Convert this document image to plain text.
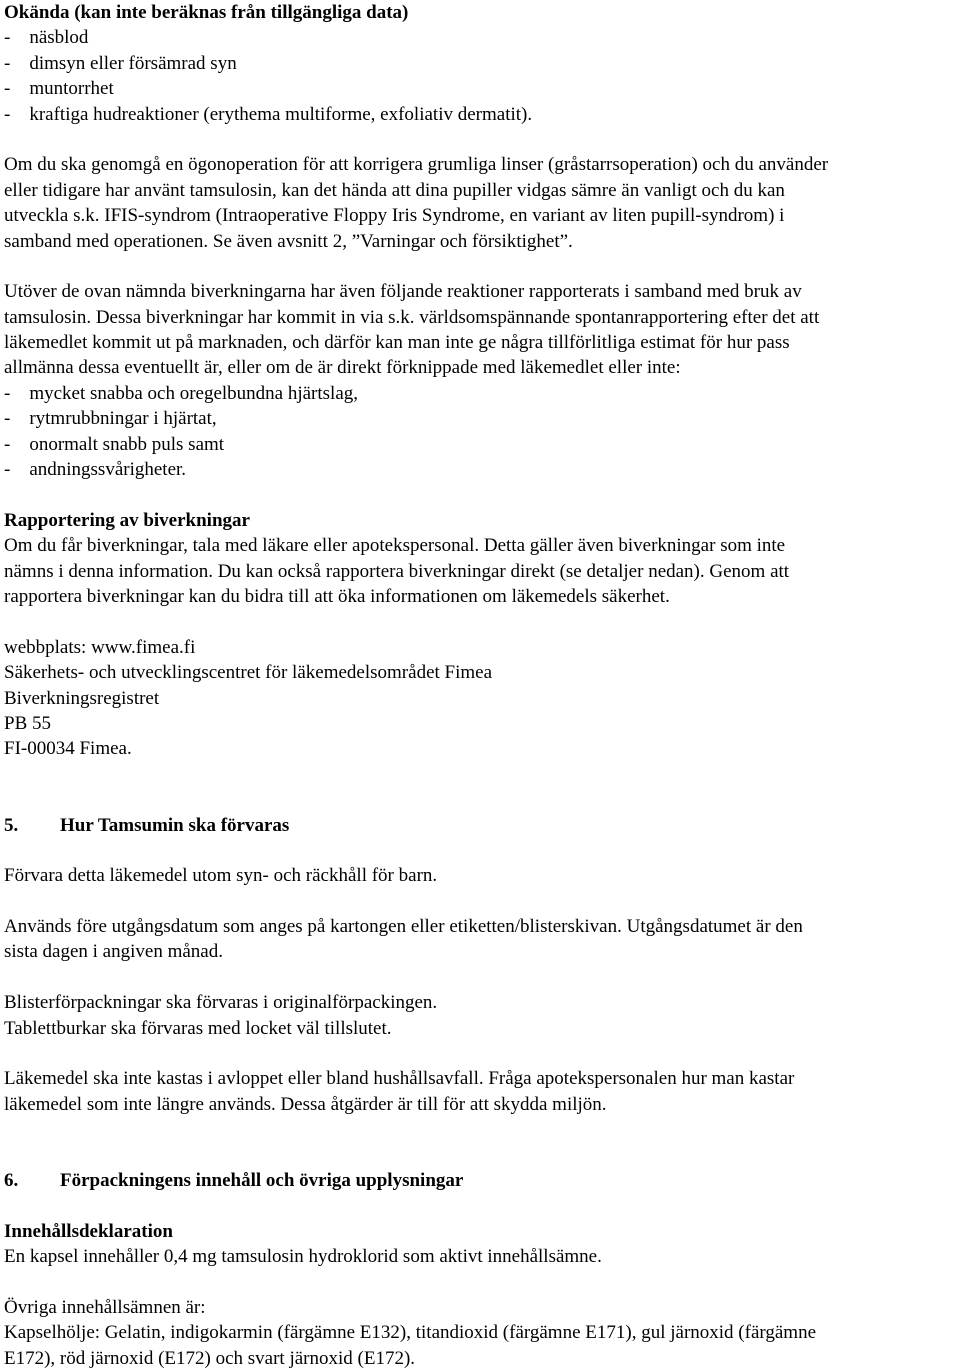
Okända (kan inte beräknas från tillgängliga data)
-    näsblod
-    dimsyn eller försämrad syn
-    muntorrhet
-    kraftiga hudreaktioner (erythema multiforme, exfoliativ dermatit).
Om du ska genomgå en ögonoperation för att korrigera grumliga linser (gråstarrsoperation) och du använder
eller tidigare har använt tamsulosin, kan det hända att dina pupiller vidgas sämre än vanligt och du kan
utveckla s.k. IFIS-syndrom (Intraoperative Floppy Iris Syndrome, en variant av liten pupill-syndrom) i
samband med operationen. Se även avsnitt 2, ”Varningar och försiktighet”.
Utöver de ovan nämnda biverkningarna har även följande reaktioner rapporterats i samband med bruk av
tamsulosin. Dessa biverkningar har kommit in via s.k. världsomspännande spontanrapportering efter det att
läkemedlet kommit ut på marknaden, och därför kan man inte ge några tillförlitliga estimat för hur pass
allmänna dessa eventuellt är, eller om de är direkt förknippade med läkemedlet eller inte:
-    mycket snabba och oregelbundna hjärtslag,
-    rytmrubbningar i hjärtat,
-    onormalt snabb puls samt
-    andningssvårigheter.
Rapportering av biverkningar
Om du får biverkningar, tala med läkare eller apotekspersonal. Detta gäller även biverkningar som inte
nämns i denna information. Du kan också rapportera biverkningar direkt (se detaljer nedan). Genom att
rapportera biverkningar kan du bidra till att öka informationen om läkemedels säkerhet.
webbplats: www.fimea.fi
Säkerhets- och utvecklingscentret för läkemedelsområdet Fimea
Biverkningsregistret
PB 55
FI-00034 Fimea.
5. Hur Tamsumin ska förvaras
Förvara detta läkemedel utom syn- och räckhåll för barn.
Används före utgångsdatum som anges på kartongen eller etiketten/blisterskivan. Utgångsdatumet är den
sista dagen i angiven månad.
Blisterförpackningar ska förvaras i originalförpackingen.
Tablettburkar ska förvaras med locket väl tillslutet.
Läkemedel ska inte kastas i avloppet eller bland hushållsavfall. Fråga apotekspersonalen hur man kastar
läkemedel som inte längre används. Dessa åtgärder är till för att skydda miljön.
6. Förpackningens innehåll och övriga upplysningar
Innehållsdeklaration
En kapsel innehåller 0,4 mg tamsulosin hydroklorid som aktivt innehållsämne.
Övriga innehållsämnen är:
Kapselhölje: Gelatin, indigokarmin (färgämne E132), titandioxid (färgämne E171), gul järnoxid (färgämne
E172), röd järnoxid (E172) och svart järnoxid (E172).
